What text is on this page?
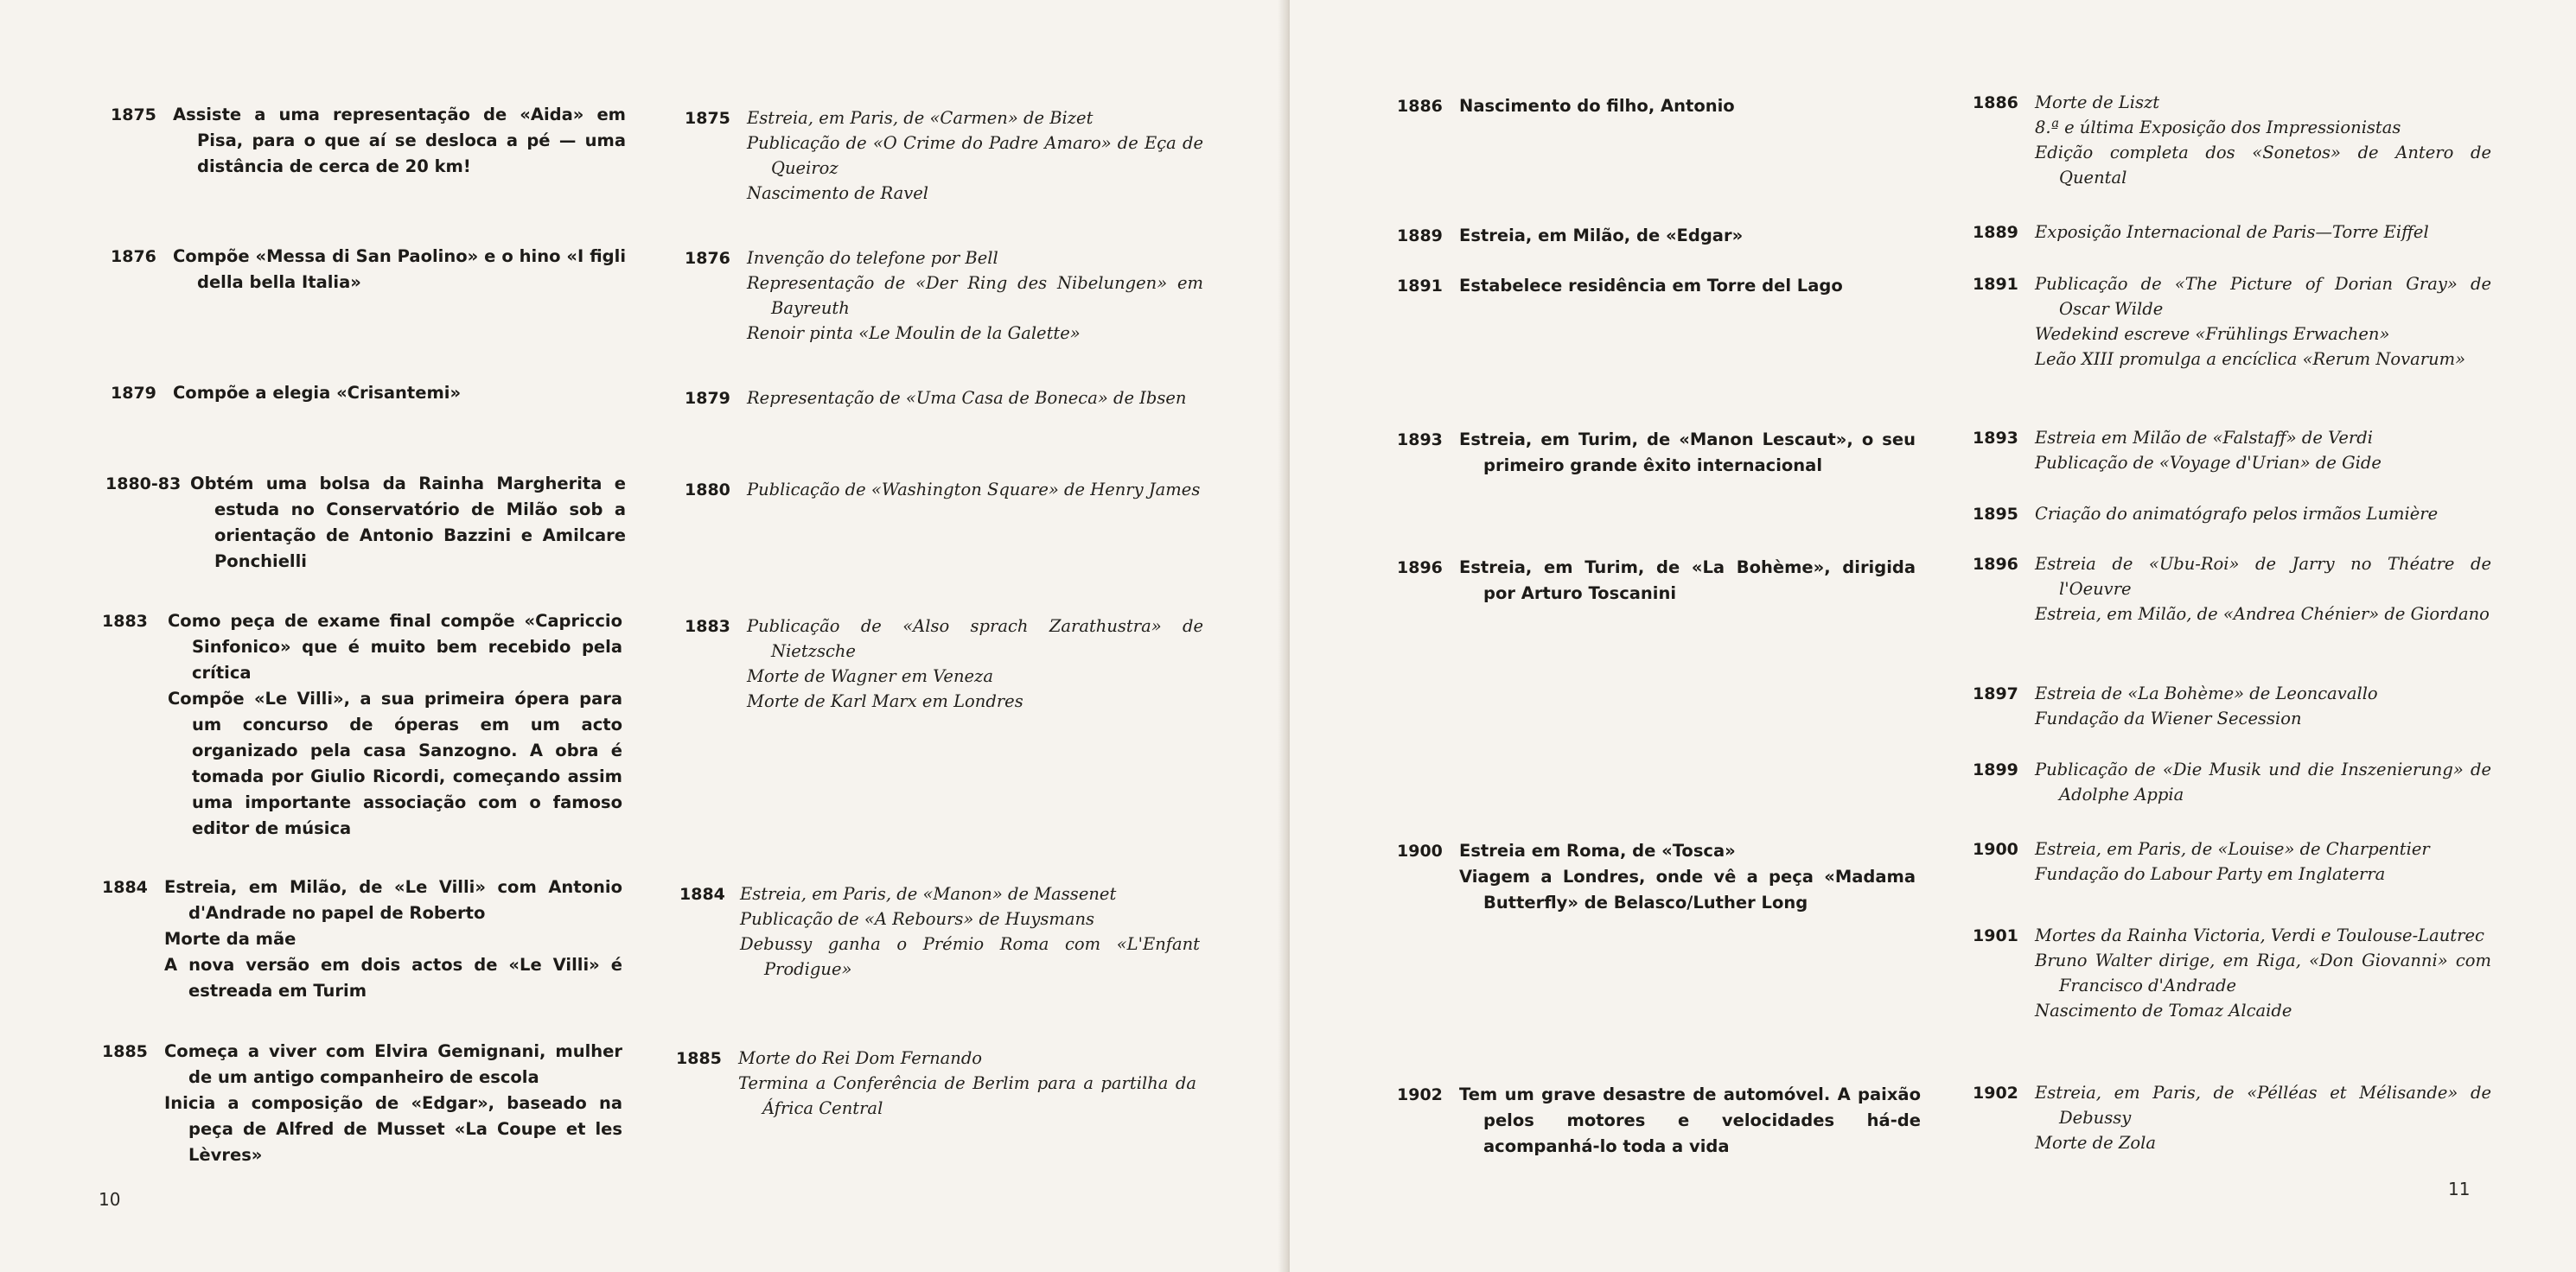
1875 Assiste a uma representação de «Aida» em Pisa, para o que aí se desloca a pé — uma distância de cerca de 20 km!
1876 Compõe «Messa di San Paolino» e o hino «I figli della bella Italia»
1879 Compõe a elegia «Crisantemi»
1880-83 Obtém uma bolsa da Rainha Margherita e estuda no Conservatório de Milão sob a orientação de Antonio Bazzini e Amilcare Ponchielli
1883 Como peça de exame final compõe «Capriccio Sinfonico» que é muito bem recebido pela crítica
Compõe «Le Villi», a sua primeira ópera para um concurso de óperas em um acto organizado pela casa Sanzogno. A obra é tomada por Giulio Ricordi, começando assim uma importante associação com o famoso editor de música
1884 Estreia, em Milão, de «Le Villi» com Antonio d'Andrade no papel de Roberto
Morte da mãe
A nova versão em dois actos de «Le Villi» é estreada em Turim
1885 Começa a viver com Elvira Gemignani, mulher de um antigo companheiro de escola
Inicia a composição de «Edgar», baseado na peça de Alfred de Musset «La Coupe et les Lèvres»
1875 Estreia, em Paris, de «Carmen» de Bizet
Publicação de «O Crime do Padre Amaro» de Eça de Queiroz
Nascimento de Ravel
1876 Invenção do telefone por Bell
Representação de «Der Ring des Nibelungen» em Bayreuth
Renoir pinta «Le Moulin de la Galette»
1879 Representação de «Uma Casa de Boneca» de Ibsen
1880 Publicação de «Washington Square» de Henry James
1883 Publicação de «Also sprach Zarathustra» de Nietzsche
Morte de Wagner em Veneza
Morte de Karl Marx em Londres
1884 Estreia, em Paris, de «Manon» de Massenet
Publicação de «A Rebours» de Huysmans
Debussy ganha o Prémio Roma com «L'Enfant Prodigue»
1885 Morte do Rei Dom Fernando
Termina a Conferência de Berlim para a partilha da África Central
10
1886 Nascimento do filho, Antonio
1889 Estreia, em Milão, de «Edgar»
1891 Estabelece residência em Torre del Lago
1893 Estreia, em Turim, de «Manon Lescaut», o seu primeiro grande êxito internacional
1896 Estreia, em Turim, de «La Bohème», dirigida por Arturo Toscanini
1900 Estreia em Roma, de «Tosca»
Viagem a Londres, onde vê a peça «Madama Butterfly» de Belasco/Luther Long
1902 Tem um grave desastre de automóvel. A paixão pelos motores e velocidades há-de acompanhá-lo toda a vida
1886 Morte de Liszt
8.ª e última Exposição dos Impressionistas
Edição completa dos «Sonetos» de Antero de Quental
1889 Exposição Internacional de Paris—Torre Eiffel
1891 Publicação de «The Picture of Dorian Gray» de Oscar Wilde
Wedekind escreve «Frühlings Erwachen»
Leão XIII promulga a encíclica «Rerum Novarum»
1893 Estreia em Milão de «Falstaff» de Verdi
Publicação de «Voyage d'Urian» de Gide
1895 Criação do animatógrafo pelos irmãos Lumière
1896 Estreia de «Ubu-Roi» de Jarry no Théatre de l'Oeuvre
Estreia, em Milão, de «Andrea Chénier» de Giordano
1897 Estreia de «La Bohème» de Leoncavallo
Fundação da Wiener Secession
1899 Publicação de «Die Musik und die Inszenierung» de Adolphe Appia
1900 Estreia, em Paris, de «Louise» de Charpentier
Fundação do Labour Party em Inglaterra
1901 Mortes da Rainha Victoria, Verdi e Toulouse-Lautrec
Bruno Walter dirige, em Riga, «Don Giovanni» com Francisco d'Andrade
Nascimento de Tomaz Alcaide
1902 Estreia, em Paris, de «Pélléas et Mélisande» de Debussy
Morte de Zola
11
